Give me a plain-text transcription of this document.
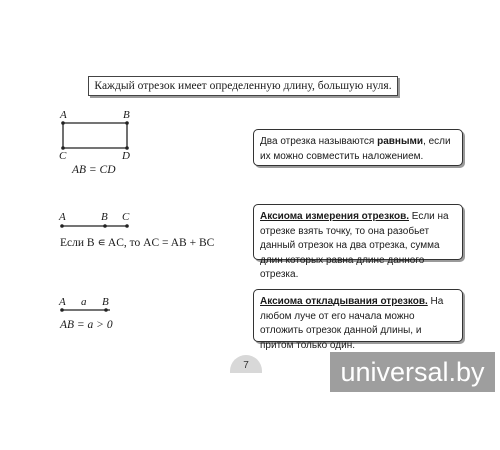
Каждый отрезок имеет определенную длину, большую нуля.
A	B
C	D
AB = CD
A	B C
Если B ∊ AC, то AC = AB + BC
A a B
AB = a > 0
Два отрезка называются равными, если их можно совместить наложением.
Аксиома измерения отрезков. Если на отрезке взять точку, то она разобьет данный отрезок на два отрезка, сумма длин которых равна длине данного отрезка.
Аксиома откладывания отрезков. На любом луче от его начала можно отложить отрезок данной длины, и притом только один.
7	universal.by
